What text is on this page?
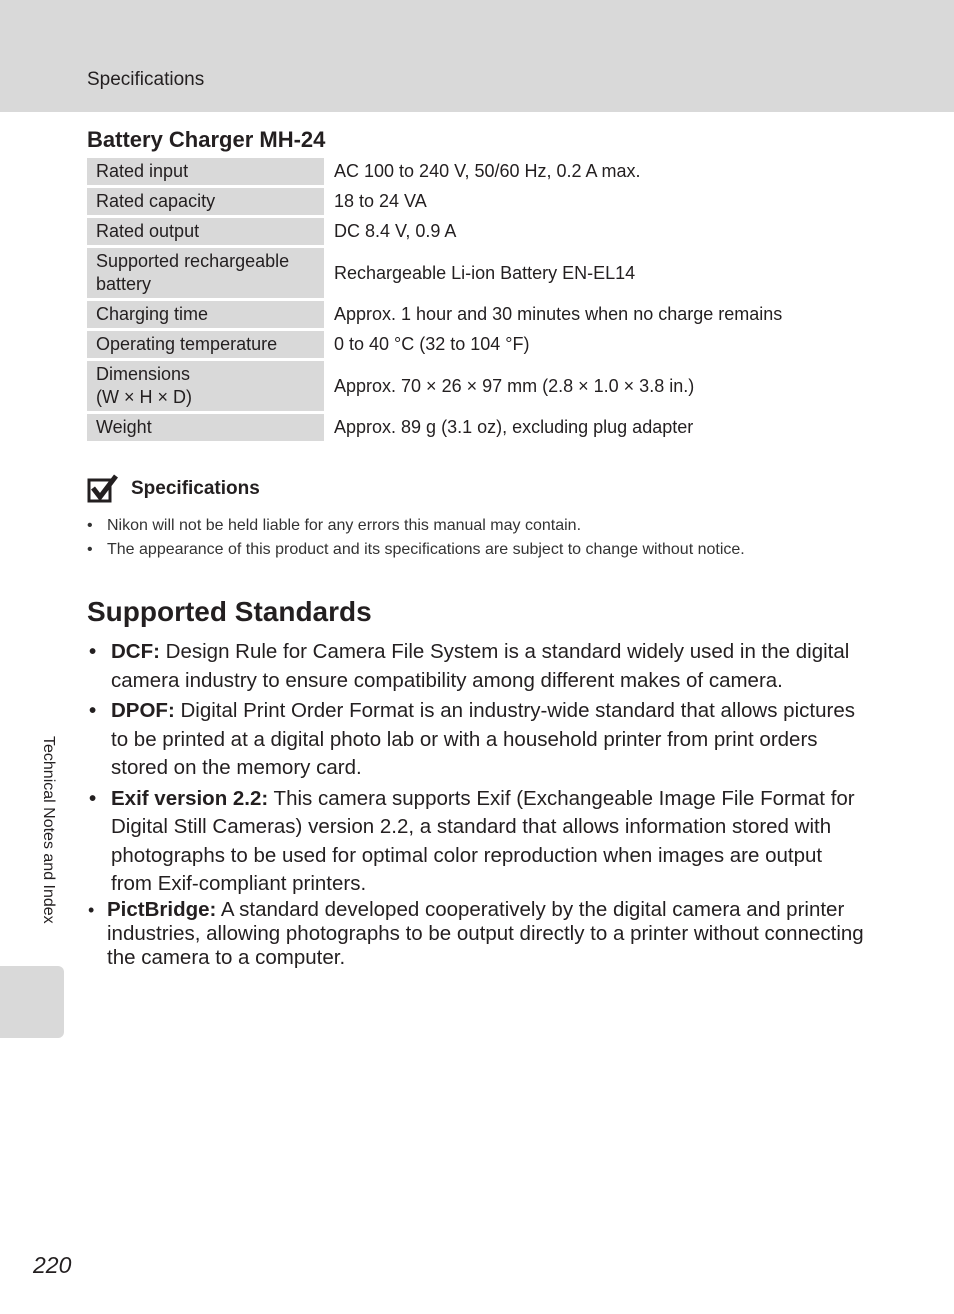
Specifications
Battery Charger MH-24
Rated input		AC 100 to 240 V, 50/60 Hz, 0.2 A max.
Rated capacity		18 to 24 VA
Rated output		DC 8.4 V, 0.9 A
Supported rechargeable
battery		Rechargeable Li-ion Battery EN-EL14
Charging time		Approx. 1 hour and 30 minutes when no charge remains
Operating temperature		0 to 40 °C (32 to 104 °F)
Dimensions
(W × H × D)		Approx. 70 × 26 × 97 mm (2.8 × 1.0 × 3.8 in.)
Weight		Approx. 89 g (3.1 oz), excluding plug adapter
Specifications
• Nikon will not be held liable for any errors this manual may contain.
• The appearance of this product and its specifications are subject to change without notice.
Supported Standards
• DCF: Design Rule for Camera File System is a standard widely used in the digital camera industry to ensure compatibility among different makes of camera.
• DPOF: Digital Print Order Format is an industry-wide standard that allows pictures to be printed at a digital photo lab or with a household printer from print orders stored on the memory card.
• Exif version 2.2: This camera supports Exif (Exchangeable Image File Format for Digital Still Cameras) version 2.2, a standard that allows information stored with photographs to be used for optimal color reproduction when images are output from Exif-compliant printers.
• PictBridge: A standard developed cooperatively by the digital camera and printer industries, allowing photographs to be output directly to a printer without connecting the camera to a computer.
Technical Notes and Index
220
